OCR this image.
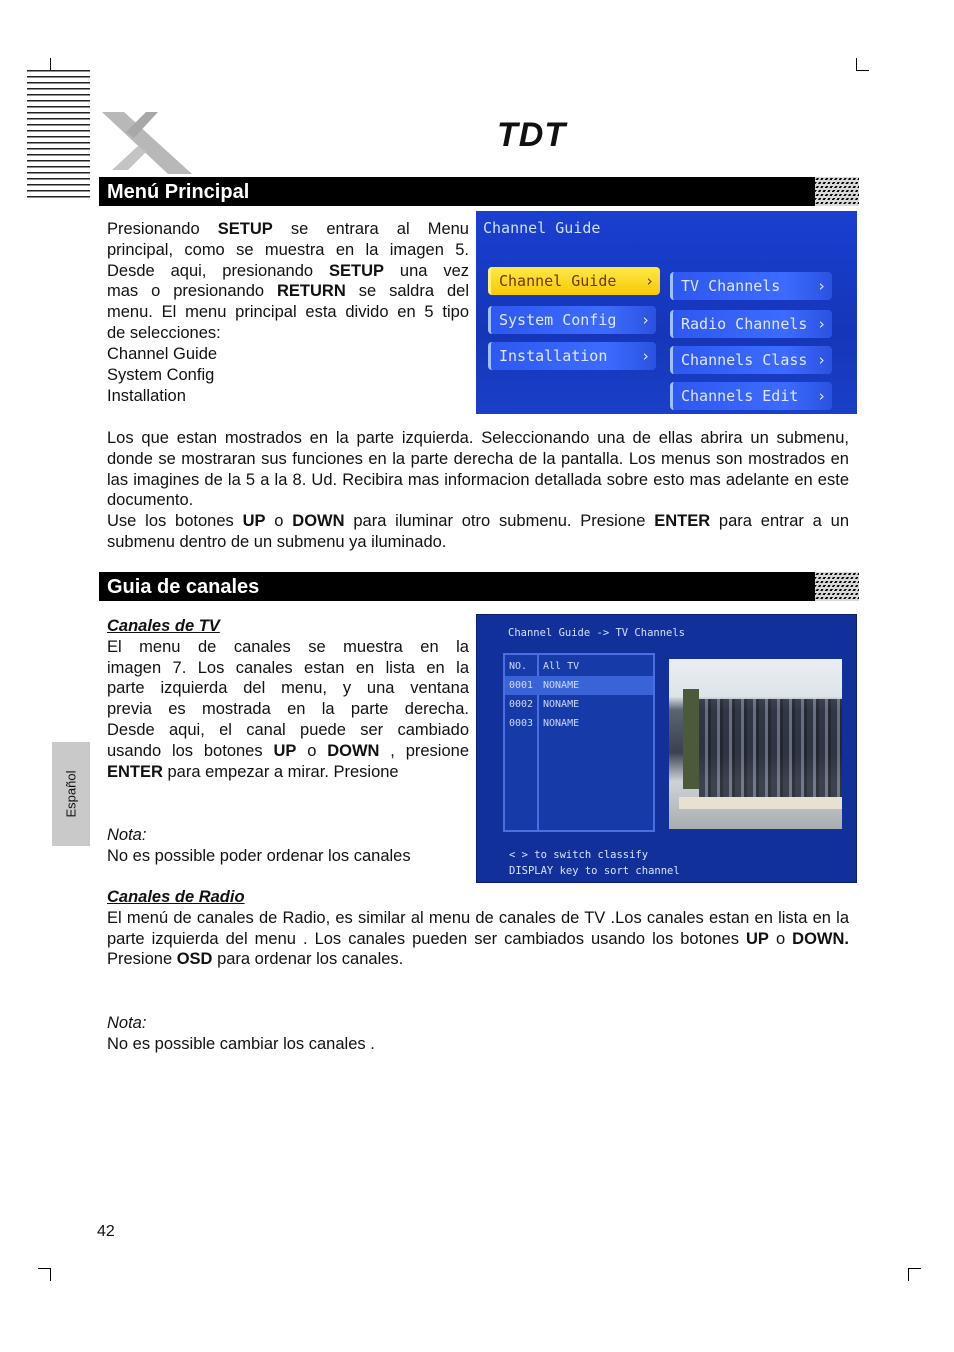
TDT
Menú Principal
Presionando SETUP se entrara al Menu
principal, como se muestra en la imagen 5.
Desde aqui, presionando SETUP una vez
mas o presionando RETURN se saldra del
menu. El menu principal esta divido en 5 tipo
de selecciones:
Channel Guide
System Config
Installation
Channel Guide
Channel Guide ›
System Config ›
Installation ›
TV Channels ›
Radio Channels ›
Channels Class ›
Channels Edit ›

Los que estan mostrados en la parte izquierda. Seleccionando una de ellas abrira un submenu, donde se mostraran sus funciones en la parte derecha de la pantalla. Los menus son mostrados en las imagines de la 5 a la 8. Ud. Recibira mas informacion detallada sobre esto mas adelante en este documento.

Use los botones UP o DOWN para iluminar otro submenu. Presione ENTER para entrar a un submenu dentro de un submenu ya iluminado.

Guia de canales
Canales de TV
El menu de canales se muestra en la
imagen 7. Los canales estan en lista en la
parte izquierda del menu, y una ventana
previa es mostrada en la parte derecha.
Desde aqui, el canal puede ser cambiado
usando los botones UP o DOWN , presione
ENTER para empezar a mirar. Presione
Nota:
No es possible poder ordenar los canales
Channel Guide -> TV Channels
NO. All TV
0001 NONAME
0002 NONAME
0003 NONAME
< > to switch classify
DISPLAY key to sort channel
Canales de Radio

El menú de canales de Radio, es similar al menu de canales de TV .Los canales estan en lista en la parte izquierda del menu . Los canales pueden ser cambiados usando los botones UP o DOWN. Presione OSD para ordenar los canales.

Nota:
No es possible cambiar los canales .
Español
42
